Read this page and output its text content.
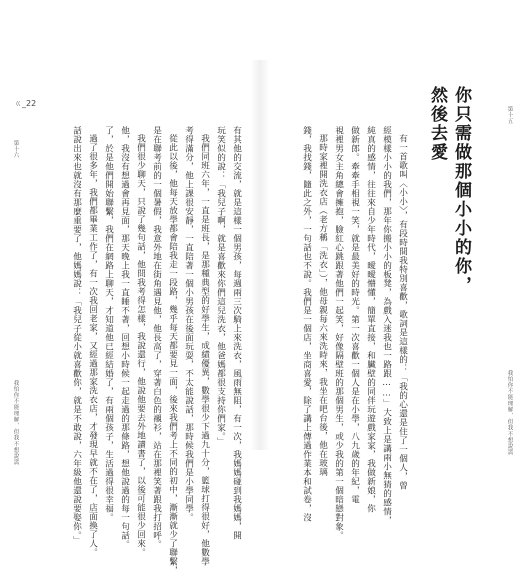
第十五
我怕你不能理解，但我不想說謊
你只需做那個小小的你，
然後去愛
有一首歌叫〈小小〉，有段時間我特別喜歡，歌詞是這樣的：「我的心還是住了一個人，曾
經模樣小小的我們，那年你搬小小的板凳，為戲入迷我也一路跟……」大致上是講兩小無猜的感情，
純真的感情，往往來自少年時代，曖曖懵懂，簡單直接，和臟壁的同伴玩遊戲家家，我做新娘，你
做新郎。牽牽手相視一笑，就是最美好的時光。第一次喜歡一個人是在小學，八九歲的年紀，電
視裡男女主角總會擁抱，臉紅心跳跟著他們一起笑，好像隔壁班的那個男生，或少我的第一個暗戀對象。
那時家裡開洗衣店（老方稱「洗衣」），他母親每六來洗時來，我坐在吧台後，他在玻璃
錢，我找錢，隨此之外，一句話也不說。我們是一個店，坐商喜愛，除了講上傳過作業本和試卷，沒
有其他的交流，就是這樣一個男孩，每週兩三次騎上來洗衣，風雨無阻，有一次，我媽媽碰到我媽媽，開
玩笑似的說：「我兒子啊，就是喜歡來你們這兒洗衣，他爸媽都很支持你們家。」
我們同班六年，一直是班長，是那種典型的好學生，成績優異，數學很少下過九十分，籃球打得很好，他數學
考得滿分，他上課很安靜，一直陪著一個小男孩在後面玩耍，不太能說話，那時候我們是小學同學。
從此以後，他每天放學都會陪我走一段路，幾乎每天都要見一面，後來我們考上不同的初中，漸漸就少了聯繫，
是在聯考前的一個暑假，我意外地在街角遇見他，他長高了，穿著白色的襯衫，站在那裡笑著跟我打招呼。
我們很少聊天，只說了幾句話，他問我考得怎樣，我說還行，他說他要去外地讀書了，以後可能很少回來。
他，我沒有想過會再見面，那天晚上我一直睡不著，回想小時候一起走過的那條路，想他說過的每一句話。
了，於是他們開始聯繫，我們在網路上聊天，才知道他已經結婚了，有兩個孩子，生活過得很幸福。
過了很多年，我們都畢業工作了，有一次我回老家，又經過那家洗衣店，才發現早就不在了，店面換了人。
話說出來也就沒有那麼重要了，他媽媽說：「我兒子從小就喜歡你，就是不敢說，六年級他還說要娶你。」
第十六
我怕你不能理解，但我不想說謊
ㄍ_22
